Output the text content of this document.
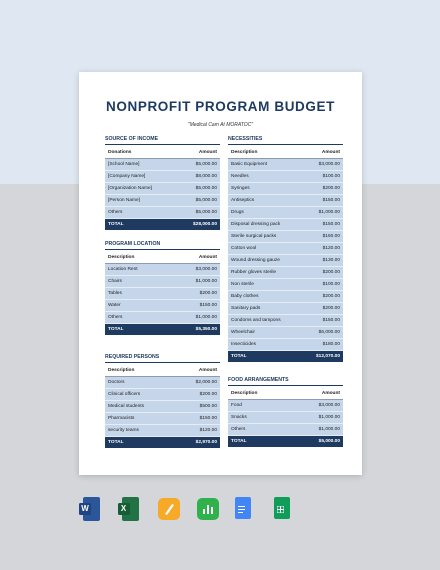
NONPROFIT PROGRAM BUDGET
"Medical Cam At MORATOC"
SOURCE OF INCOME
Donations	Amount
[School Name]	$5,000.00
[Company Name]	$8,000.00
[Organization Name]	$5,000.00
[Person Name]	$5,000.00
Others	$5,000.00
TOTAL	$28,000.00
PROGRAM LOCATION
Description	Amount
Location Rent	$3,000.00
Chairs	$1,000.00
Tables	$200.00
Water	$150.00
Others	$1,000.00
TOTAL	$5,350.00
REQUIRED PERSONS
Description	Amount
Doctors	$2,000.00
Clinical officers	$200.00
Medical students	$500.00
Pharmacists	$150.00
security teams	$120.00
TOTAL	$2,970.00
NECESSITIES
Description	Amount
Basic Equipment	$3,000.00
Needles	$100.00
Syringes	$200.00
Antiseptics	$150.00
Drugs	$1,000.00
Disposal dressing pack	$150.00
Sterile surgical packs	$160.00
Cotton wool	$120.00
Wound dressing gauze	$130.00
Rubber gloves sterile	$200.00
Non sterile	$100.00
Baby clothes	$200.00
Sanitary pads	$200.00
Condoms and tampons	$150.00
Wheelchair	$6,000.00
Insecticides	$180.00
TOTAL	$12,070.00
FOOD ARRANGEMENTS
Description	Amount
Food	$3,000.00
Snacks	$1,000.00
Others	$1,000.00
TOTAL	$5,000.00
W	X
